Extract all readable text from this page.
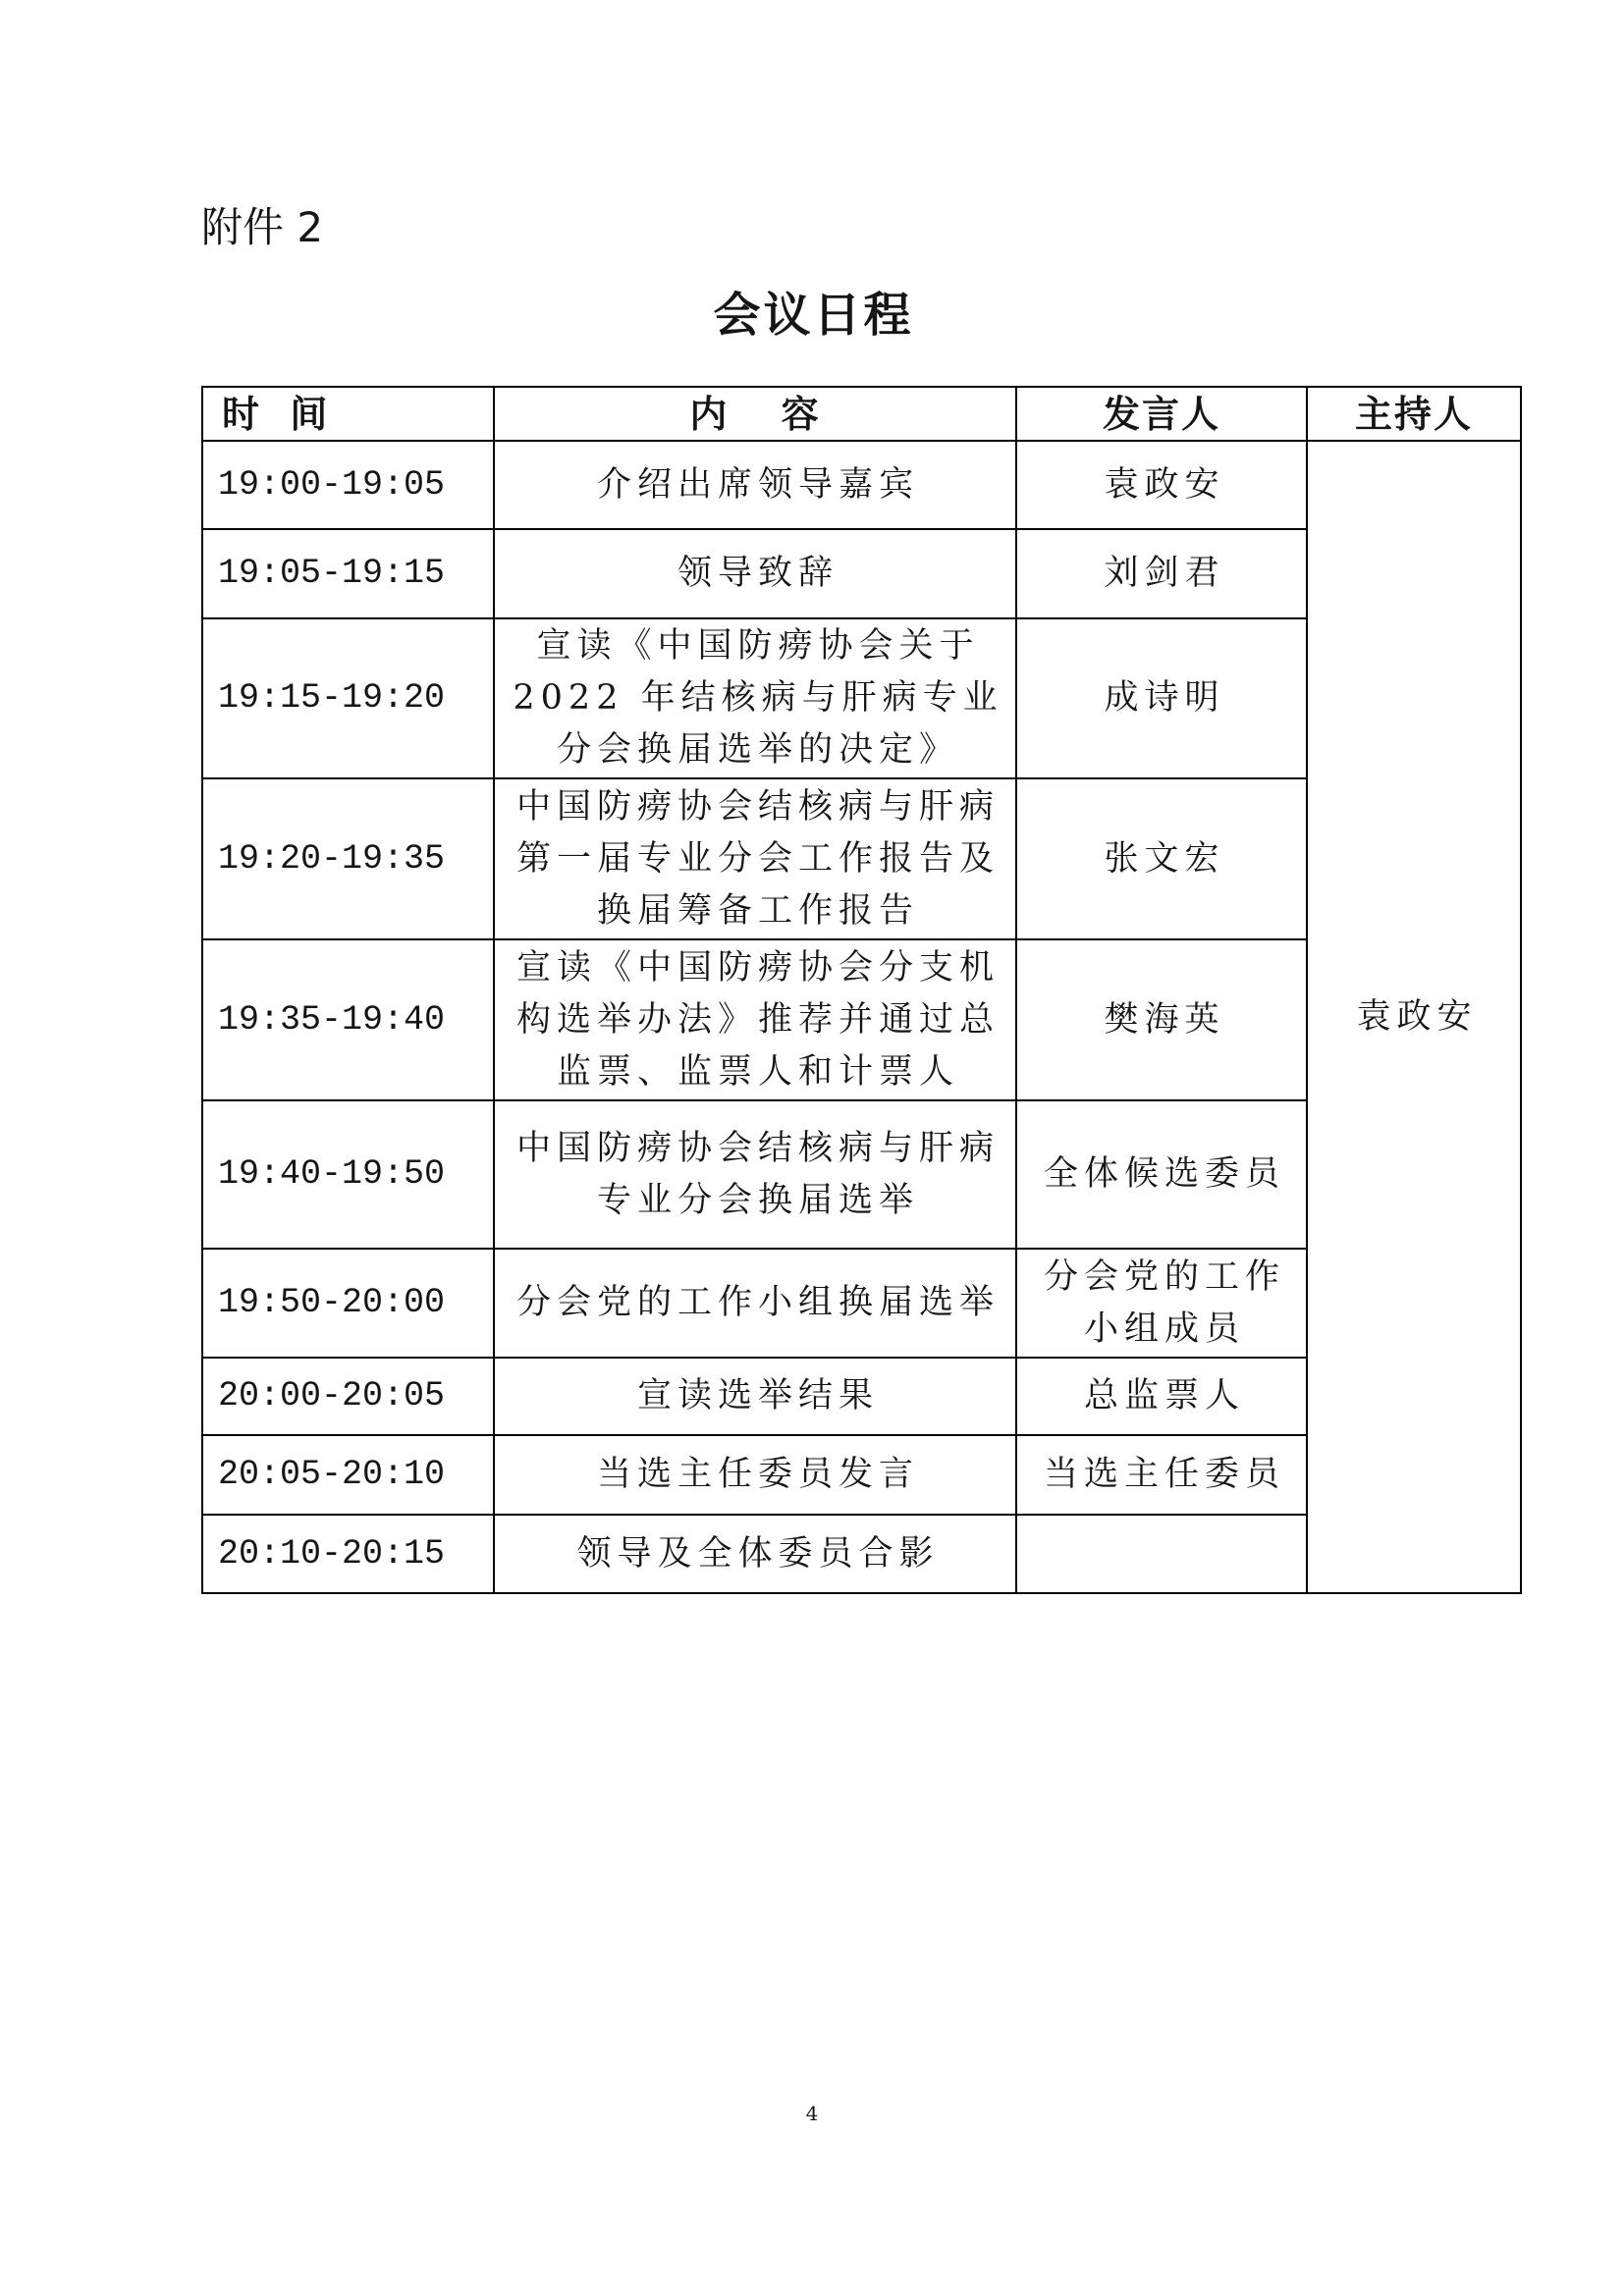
附件 2
会议日程
时 间	内 容	发言人	主持人
19:00-19:05	介绍出席领导嘉宾	袁政安	袁政安
19:05-19:15	领导致辞	刘剑君	
19:15-19:20	宣读《中国防痨协会关于
2022 年结核病与肝病专业
分会换届选举的决定》	成诗明	
19:20-19:35	中国防痨协会结核病与肝病
第一届专业分会工作报告及
换届筹备工作报告	张文宏	
19:35-19:40	宣读《中国防痨协会分支机
构选举办法》推荐并通过总
监票、监票人和计票人	樊海英	
19:40-19:50	中国防痨协会结核病与肝病
专业分会换届选举	全体候选委员	
19:50-20:00	分会党的工作小组换届选举	分会党的工作
小组成员	
20:00-20:05	宣读选举结果	总监票人	
20:05-20:10	当选主任委员发言	当选主任委员	
20:10-20:15	领导及全体委员合影		
4
